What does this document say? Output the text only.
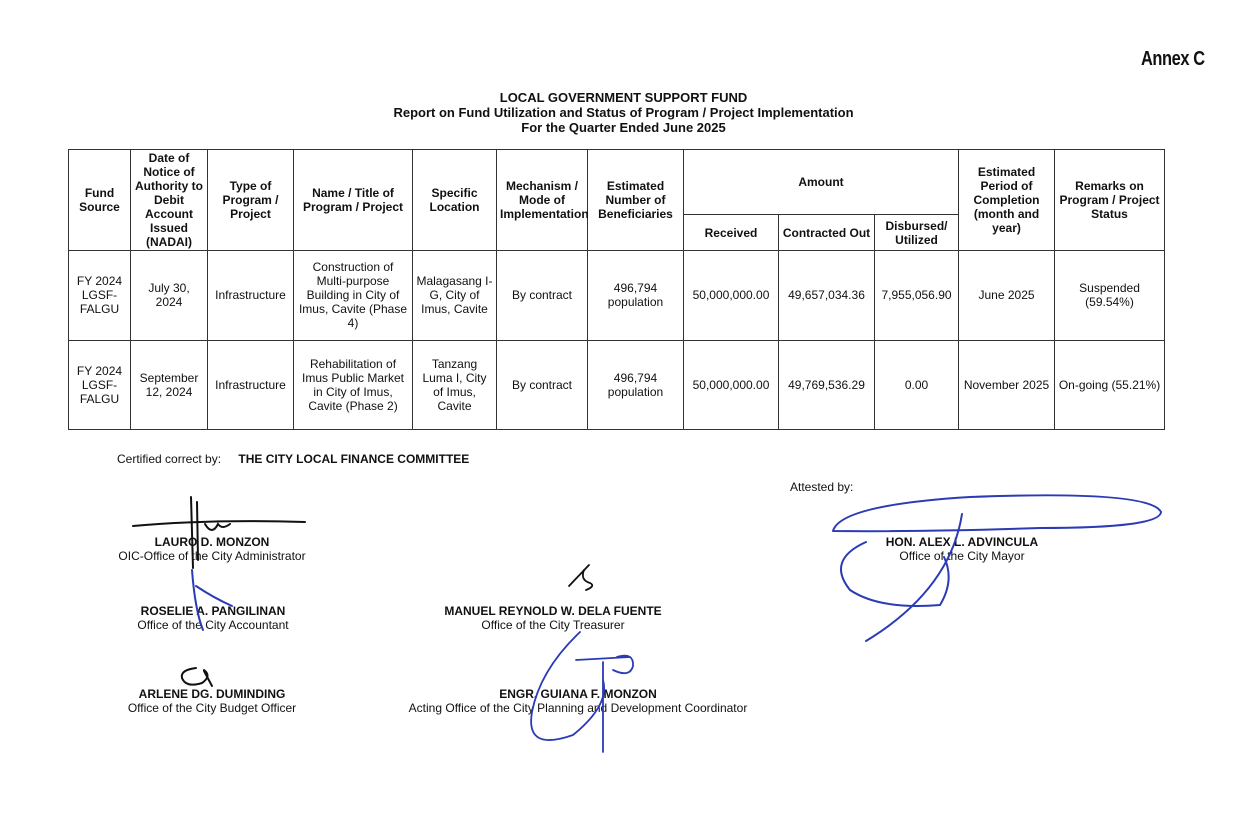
Annex C
LOCAL GOVERNMENT SUPPORT FUND
Report on Fund Utilization and Status of Program / Project Implementation
For the Quarter Ended June 2025
Fund Source	Date of Notice of Authority to Debit Account Issued (NADAI)	Type of Program / Project	Name / Title of Program / Project	Specific Location	Mechanism / Mode of Implementation	Estimated Number of Beneficiaries	Amount			Estimated Period of Completion (month and year)	Remarks on Program / Project Status
							Received	Contracted Out	Disbursed/ Utilized		
FY 2024 LGSF-FALGU	July 30, 2024	Infrastructure	Construction of Multi-purpose Building in City of Imus, Cavite (Phase 4)	Malagasang I-G, City of Imus, Cavite	By contract	496,794 population	50,000,000.00	49,657,034.36	7,955,056.90	June 2025	Suspended (59.54%)
FY 2024 LGSF-FALGU	September 12, 2024	Infrastructure	Rehabilitation of Imus Public Market in City of Imus, Cavite (Phase 2)	Tanzang Luma I, City of Imus, Cavite	By contract	496,794 population	50,000,000.00	49,769,536.29	0.00	November 2025	On-going (55.21%)
Certified correct by: THE CITY LOCAL FINANCE COMMITTEE
Attested by:
LAURO D. MONZON
OIC-Office of the City Administrator
ROSELIE A. PANGILINAN
Office of the City Accountant
ARLENE DG. DUMINDING
Office of the City Budget Officer
MANUEL REYNOLD W. DELA FUENTE
Office of the City Treasurer
ENGR. GUIANA F. MONZON
Acting Office of the City Planning and Development Coordinator
HON. ALEX L. ADVINCULA
Office of the City Mayor
